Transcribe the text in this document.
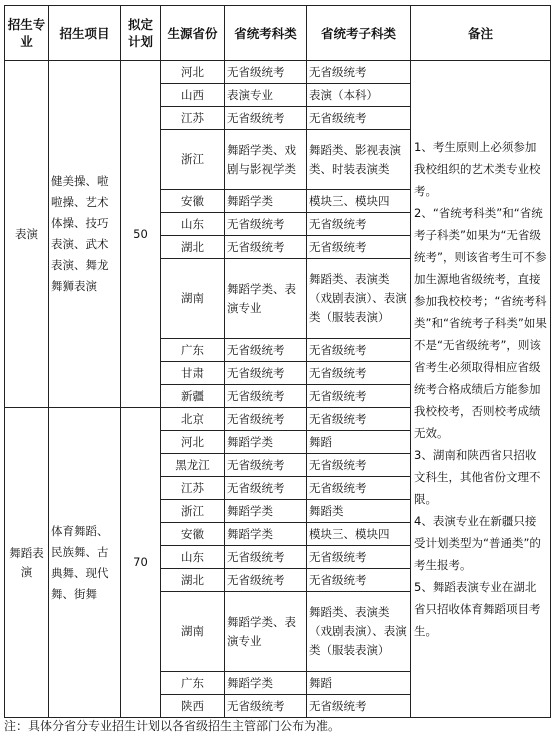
招生专业	招生项目	拟定计划	生源省份	省统考科类	省统考子科类	备注
表演	健美操、啦啦操、艺术体操、技巧表演、武术表演、舞龙舞狮表演	50	河北	无省级统考	无省级统考	1、考生原则上必须参加我校组织的艺术类专业校考。
2、“省统考科类”和“省统考子科类”如果为“无省级统考”，则该省考生可不参加生源地省级统考，直接参加我校校考；“省统考科类”和“省统考子科类”如果不是“无省级统考”，则该省考生必须取得相应省级统考合格成绩后方能参加我校校考，否则校考成绩无效。
3、湖南和陕西省只招收文科生，其他省份文理不限。
4、表演专业在新疆只接受计划类型为“普通类”的考生报考。
5、舞蹈表演专业在湖北省只招收体育舞蹈项目考生。

			山西	表演专业	表演（本科）	
			江苏	无省级统考	无省级统考	
			浙江	舞蹈学类、戏剧与影视学类	舞蹈类、影视表演类、时装表演类	
			安徽	舞蹈学类	模块三、模块四	
			山东	无省级统考	无省级统考	
			湖北	无省级统考	无省级统考	
			湖南	舞蹈学类、表演专业	舞蹈类、表演类（戏剧表演）、表演类（服装表演）	
			广东	无省级统考	无省级统考	
			甘肃	无省级统考	无省级统考	
			新疆	无省级统考	无省级统考	
舞蹈表演	体育舞蹈、民族舞、古典舞、现代舞、街舞	70	北京	无省级统考	无省级统考	
			河北	舞蹈学类	舞蹈	
			黑龙江	无省级统考	无省级统考	
			江苏	无省级统考	无省级统考	
			浙江	舞蹈学类	舞蹈类	
			安徽	舞蹈学类	模块三、模块四	
			山东	无省级统考	无省级统考	
			湖北	无省级统考	无省级统考	
			湖南	舞蹈学类、表演专业	舞蹈类、表演类（戏剧表演）、表演类（服装表演）	
			广东	舞蹈学类	舞蹈	
			陕西	无省级统考	无省级统考	
注：具体分省分专业招生计划以各省级招生主管部门公布为准。
